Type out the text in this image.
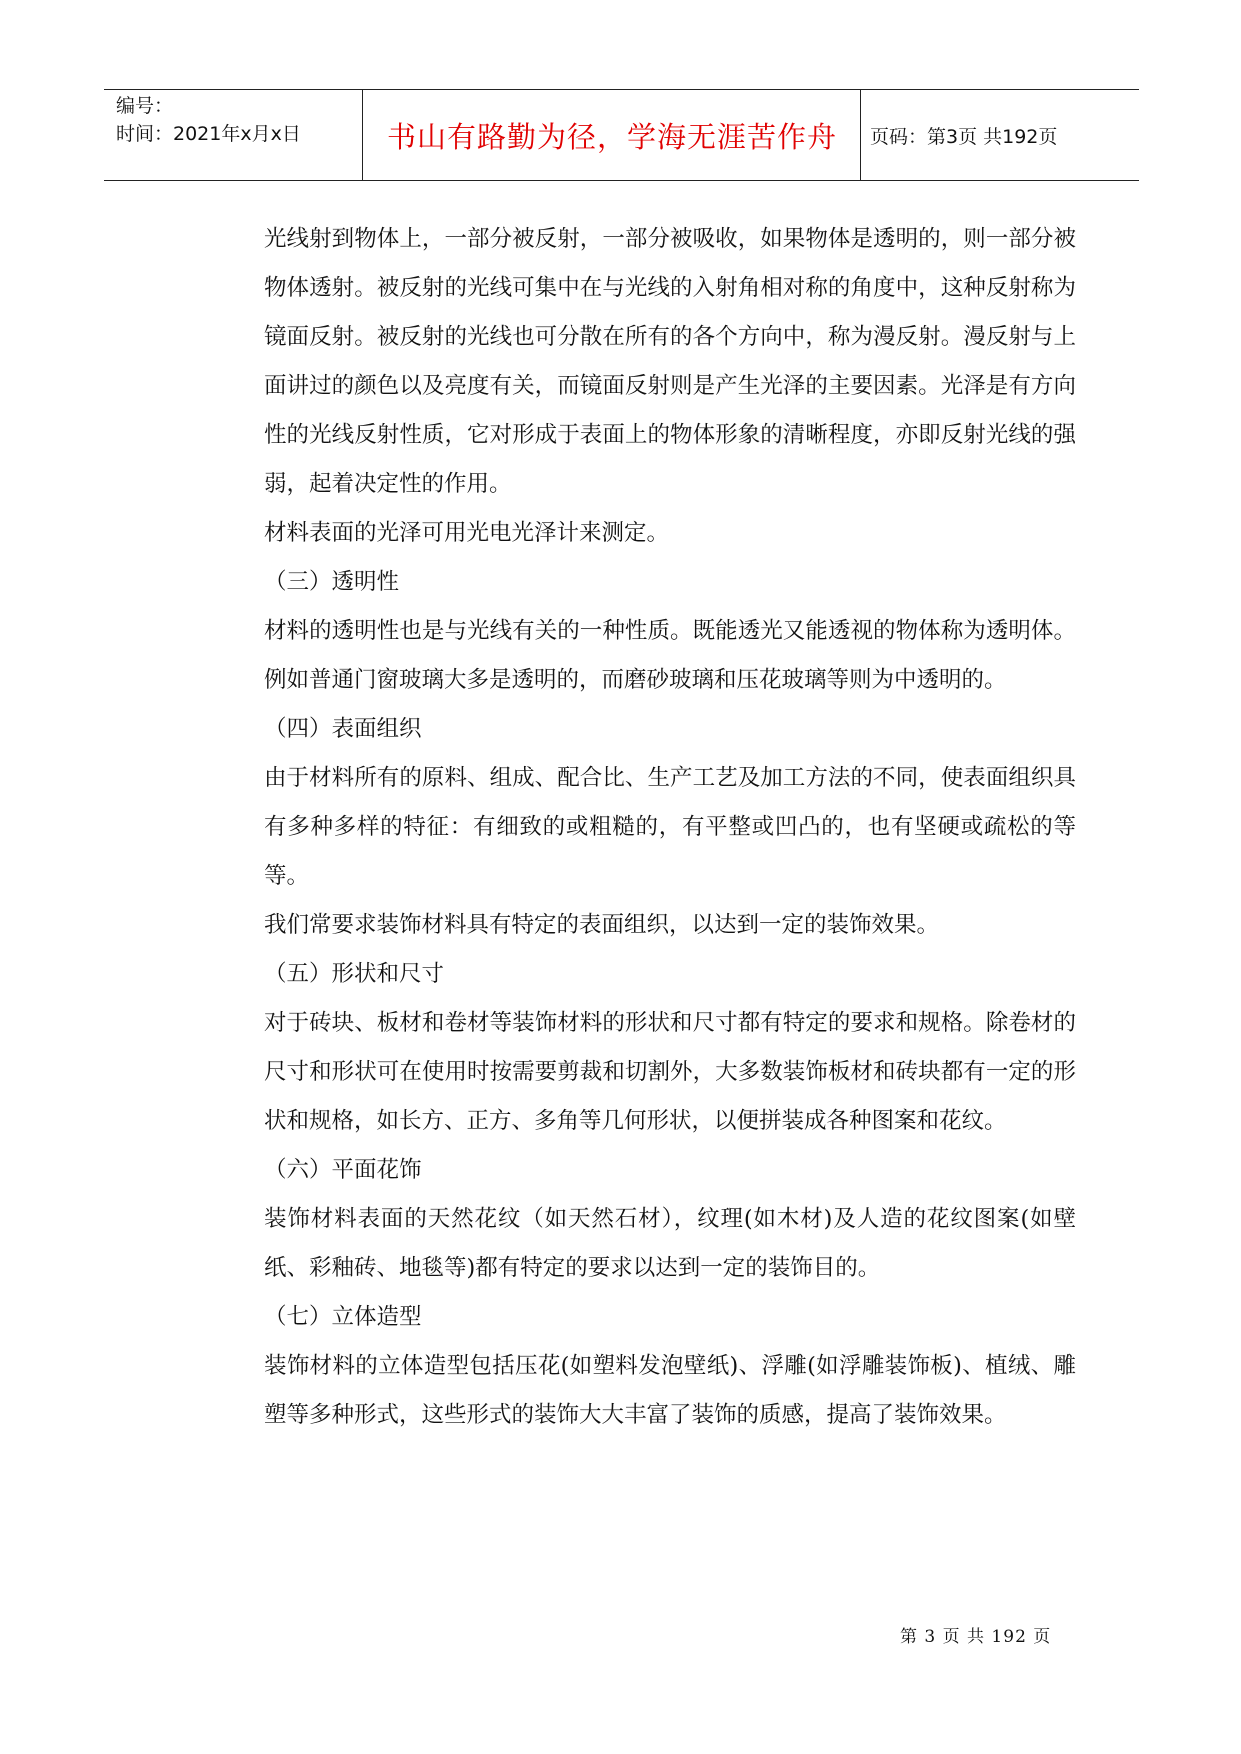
编号：
时间：2021年x月x日	书山有路勤为径，学海无涯苦作舟	页码：第3页 共192页

光线射到物体上，一部分被反射，一部分被吸收，如果物体是透明的，则一部分被物体透射。被反射的光线可集中在与光线的入射角相对称的角度中，这种反射称为镜面反射。被反射的光线也可分散在所有的各个方向中，称为漫反射。漫反射与上面讲过的颜色以及亮度有关，而镜面反射则是产生光泽的主要因素。光泽是有方向性的光线反射性质，它对形成于表面上的物体形象的清晰程度，亦即反射光线的强弱，起着决定性的作用。

材料表面的光泽可用光电光泽计来测定。

（三）透明性

材料的透明性也是与光线有关的一种性质。既能透光又能透视的物体称为透明体。例如普通门窗玻璃大多是透明的，而磨砂玻璃和压花玻璃等则为中透明的。

（四）表面组织

由于材料所有的原料、组成、配合比、生产工艺及加工方法的不同，使表面组织具有多种多样的特征：有细致的或粗糙的，有平整或凹凸的，也有坚硬或疏松的等等。

我们常要求装饰材料具有特定的表面组织，以达到一定的装饰效果。

（五）形状和尺寸

对于砖块、板材和卷材等装饰材料的形状和尺寸都有特定的要求和规格。除卷材的尺寸和形状可在使用时按需要剪裁和切割外，大多数装饰板材和砖块都有一定的形状和规格，如长方、正方、多角等几何形状，以便拼装成各种图案和花纹。

（六）平面花饰

装饰材料表面的天然花纹（如天然石材），纹理(如木材)及人造的花纹图案(如壁纸、彩釉砖、地毯等)都有特定的要求以达到一定的装饰目的。

（七）立体造型

装饰材料的立体造型包括压花(如塑料发泡壁纸)、浮雕(如浮雕装饰板)、植绒、雕塑等多种形式，这些形式的装饰大大丰富了装饰的质感，提高了装饰效果。

第 3 页 共 192 页
